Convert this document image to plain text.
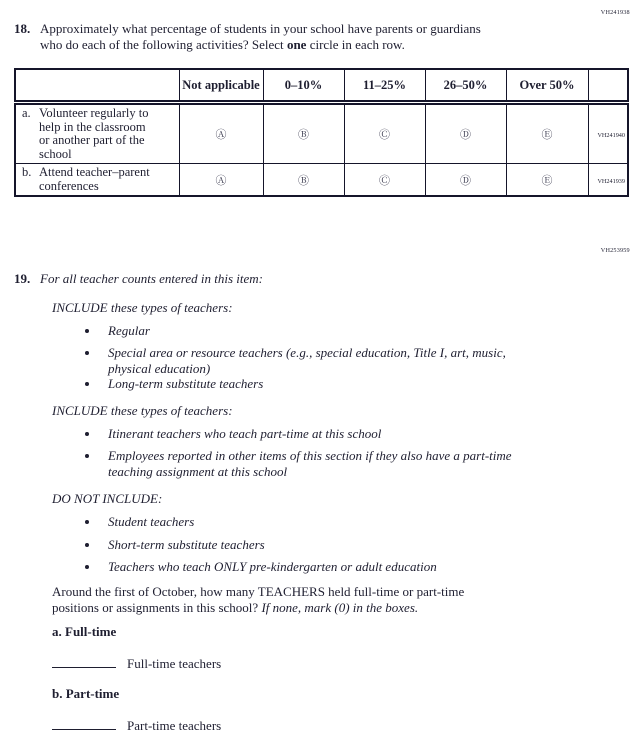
VH241938
18. Approximately what percentage of students in your school have parents or guardians
who do each of the following activities? Select one circle in each row.
	Not applicable	0–10%	11–25%	26–50%	Over 50%	

a. Volunteer regularly to
help in the classroom
or another part of the
school	Ⓐ	Ⓑ	Ⓒ	Ⓓ	Ⓔ	VH241940

b. Attend teacher–parent
conferences	Ⓐ	Ⓑ	Ⓒ	Ⓓ	Ⓔ	VH241939
VH253959
19. For all teacher counts entered in this item:
INCLUDE these types of teachers:
Regular
Special area or resource teachers (e.g., special education, Title I, art, music,
physical education)
Long-term substitute teachers
INCLUDE these types of teachers:
Itinerant teachers who teach part-time at this school
Employees reported in other items of this section if they also have a part-time
teaching assignment at this school
DO NOT INCLUDE:
Student teachers
Short-term substitute teachers
Teachers who teach ONLY pre-kindergarten or adult education
Around the first of October, how many TEACHERS held full-time or part-time
positions or assignments in this school? If none, mark (0) in the boxes.
a. Full-time
Full-time teachers
b. Part-time
Part-time teachers
